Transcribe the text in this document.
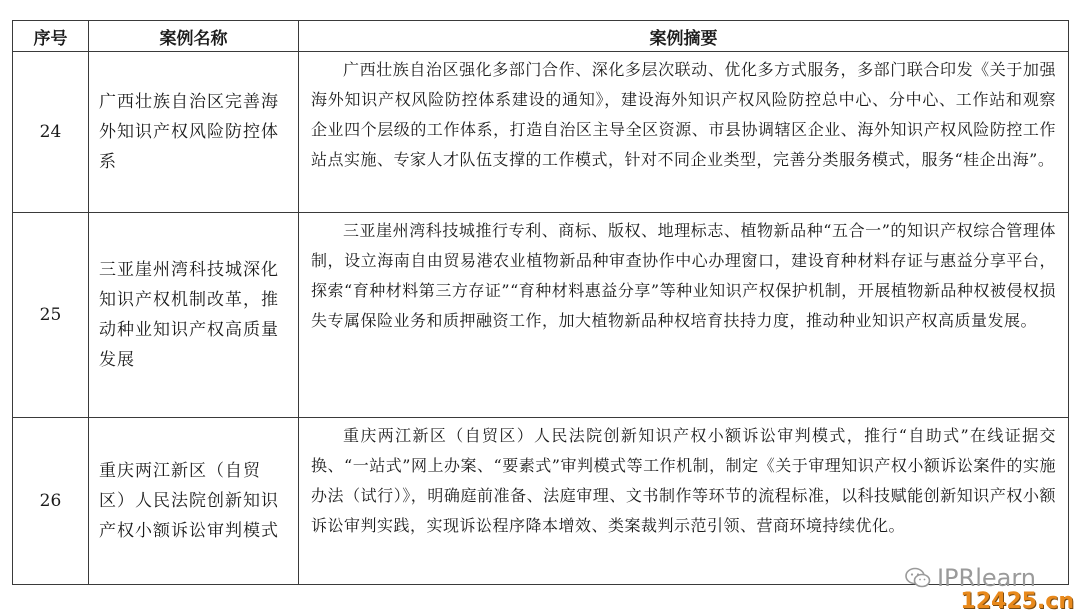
序号	案例名称	案例摘要
24	广西壮族自治区完善海外知识产权风险防控体系	广西壮族自治区强化多部门合作、深化多层次联动、优化多方式服务，多部门联合印发《关于加强海外知识产权风险防控体系建设的通知》，建设海外知识产权风险防控总中心、分中心、工作站和观察企业四个层级的工作体系，打造自治区主导全区资源、市县协调辖区企业、海外知识产权风险防控工作站点实施、专家人才队伍支撑的工作模式，针对不同企业类型，完善分类服务模式，服务“桂企出海”。
25	三亚崖州湾科技城深化知识产权机制改革，推动种业知识产权高质量发展	三亚崖州湾科技城推行专利、商标、版权、地理标志、植物新品种“五合一”的知识产权综合管理体制，设立海南自由贸易港农业植物新品种审查协作中心办理窗口，建设育种材料存证与惠益分享平台，探索“育种材料第三方存证”“育种材料惠益分享”等种业知识产权保护机制，开展植物新品种权被侵权损失专属保险业务和质押融资工作，加大植物新品种权培育扶持力度，推动种业知识产权高质量发展。
26	重庆两江新区（自贸区）人民法院创新知识产权小额诉讼审判模式	重庆两江新区（自贸区）人民法院创新知识产权小额诉讼审判模式，推行“自助式”在线证据交换、“一站式”网上办案、“要素式”审判模式等工作机制，制定《关于审理知识产权小额诉讼案件的实施办法（试行）》，明确庭前准备、法庭审理、文书制作等环节的流程标准，以科技赋能创新知识产权小额诉讼审判实践，实现诉讼程序降本增效、类案裁判示范引领、营商环境持续优化。
IPRlearn
12425.cn
